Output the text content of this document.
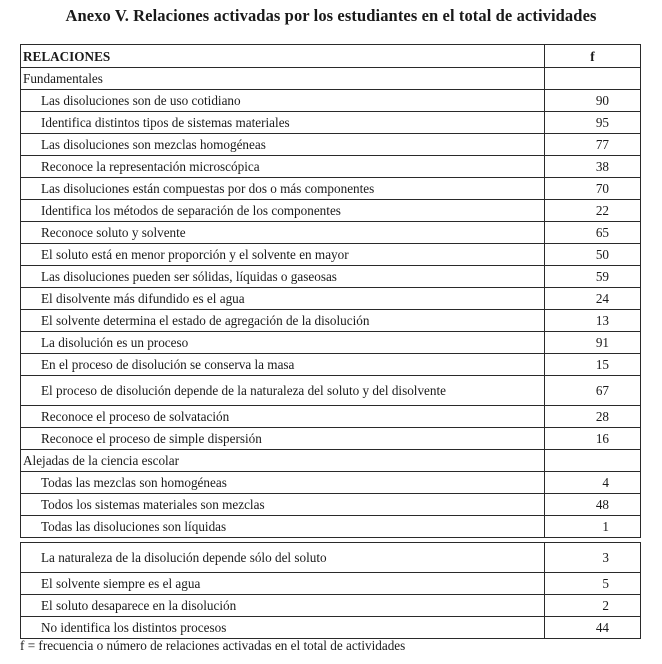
Anexo V. Relaciones activadas por los estudiantes en el total de actividades
RELACIONES	f
Fundamentales	
Las disoluciones son de uso cotidiano	90
Identifica distintos tipos de sistemas materiales	95
Las disoluciones son mezclas homogéneas	77
Reconoce la representación microscópica	38
Las disoluciones están compuestas por dos o más componentes	70
Identifica los métodos de separación de los componentes	22
Reconoce soluto y solvente	65
El soluto está en menor proporción y el solvente en mayor	50
Las disoluciones pueden ser sólidas, líquidas o gaseosas	59
El disolvente más difundido es el agua	24
El solvente determina el estado de agregación de la disolución	13
La disolución es un proceso	91
En el proceso de disolución se conserva la masa	15
El proceso de disolución depende de la naturaleza del soluto y del disolvente	67
Reconoce el proceso de solvatación	28
Reconoce el proceso de simple dispersión	16
Alejadas de la ciencia escolar	
Todas las mezclas son homogéneas	4
Todos los sistemas materiales son mezclas	48
Todas las disoluciones son líquidas	1

La naturaleza de la disolución depende sólo del soluto	3
El solvente siempre es el agua	5
El soluto desaparece en la disolución	2
No identifica los distintos procesos	44
f = frecuencia o número de relaciones activadas en el total de actividades
